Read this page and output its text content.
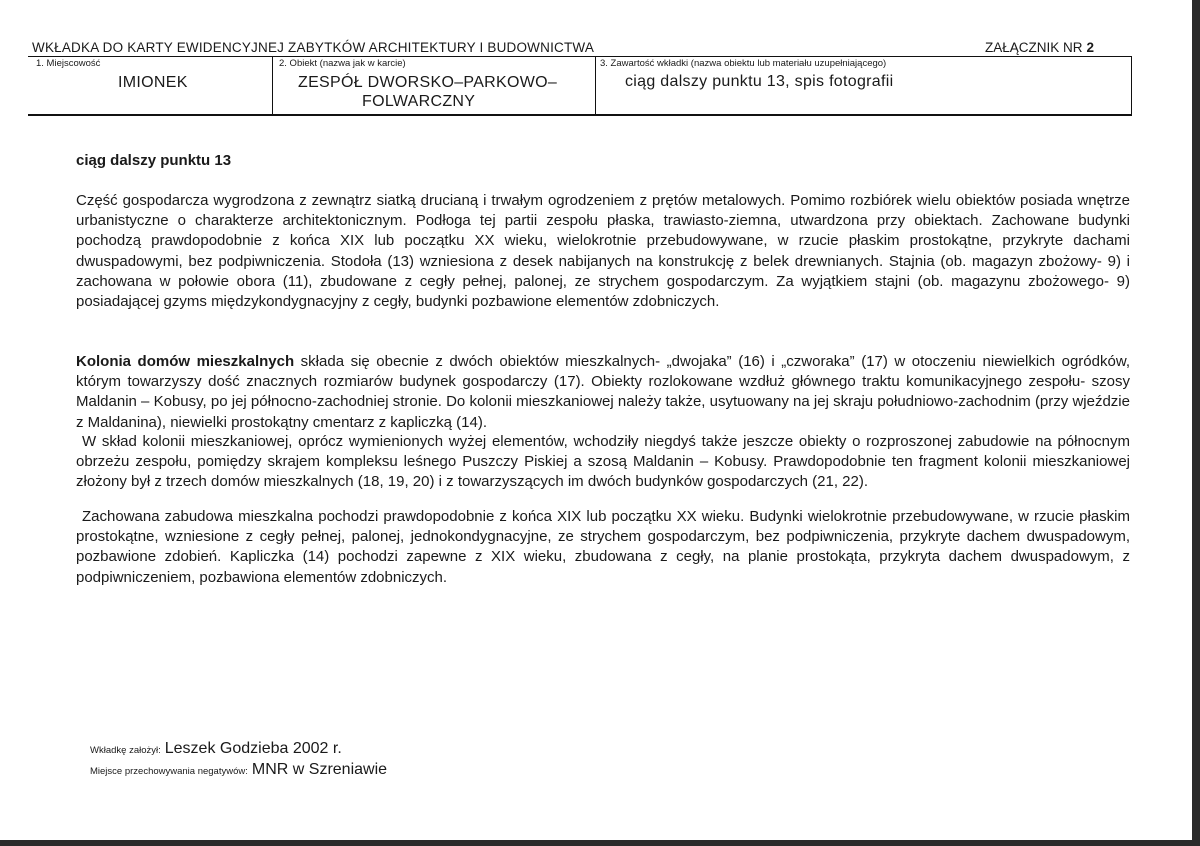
WKŁADKA DO KARTY EWIDENCYJNEJ ZABYTKÓW ARCHITEKTURY I BUDOWNICTWA	ZAŁĄCZNIK NR 2
1. Miejscowość
IMIONEK
2. Obiekt (nazwa jak w karcie)
ZESPÓŁ DWORSKO–PARKOWO–
FOLWARCZNY
3. Zawartość wkładki (nazwa obiektu lub materiału uzupełniającego)
ciąg dalszy punktu 13, spis fotografii
ciąg dalszy punktu 13

Część gospodarcza wygrodzona z zewnątrz siatką drucianą i trwałym ogrodzeniem z prętów metalowych. Pomimo rozbiórek wielu obiektów posiada wnętrze urbanistyczne o charakterze architektonicznym. Podłoga tej partii zespołu płaska, trawiasto-ziemna, utwardzona przy obiektach. Zachowane budynki pochodzą prawdopodobnie z końca XIX lub początku XX wieku, wielokrotnie przebudowywane, w rzucie płaskim prostokątne, przykryte dachami dwuspadowymi, bez podpiwniczenia. Stodoła (13) wzniesiona z desek nabijanych na konstrukcję z belek drewnianych. Stajnia (ob. magazyn zbożowy- 9) i zachowana w połowie obora (11), zbudowane z cegły pełnej, palonej, ze strychem gospodarczym. Za wyjątkiem stajni (ob. magazynu zbożowego- 9) posiadającej gzyms międzykondygnacyjny z cegły, budynki pozbawione elementów zdobniczych.

Kolonia domów mieszkalnych składa się obecnie z dwóch obiektów mieszkalnych- „dwojaka” (16) i „czworaka” (17) w otoczeniu niewielkich ogródków, którym towarzyszy dość znacznych rozmiarów budynek gospodarczy (17). Obiekty rozlokowane wzdłuż głównego traktu komunikacyjnego zespołu- szosy Maldanin – Kobusy, po jej północno-zachodniej stronie. Do kolonii mieszkaniowej należy także, usytuowany na jej skraju południowo-zachodnim (przy wjeździe z Maldanina), niewielki prostokątny cmentarz z kapliczką (14).

W skład kolonii mieszkaniowej, oprócz wymienionych wyżej elementów, wchodziły niegdyś także jeszcze obiekty o rozproszonej zabudowie na północnym obrzeżu zespołu, pomiędzy skrajem kompleksu leśnego Puszczy Piskiej a szosą Maldanin – Kobusy. Prawdopodobnie ten fragment kolonii mieszkaniowej złożony był z trzech domów mieszkalnych (18, 19, 20) i z towarzyszących im dwóch budynków gospodarczych (21, 22).

Zachowana zabudowa mieszkalna pochodzi prawdopodobnie z końca XIX lub początku XX wieku. Budynki wielokrotnie przebudowywane, w rzucie płaskim prostokątne, wzniesione z cegły pełnej, palonej, jednokondygnacyjne, ze strychem gospodarczym, bez podpiwniczenia, przykryte dachem dwuspadowym, pozbawione zdobień. Kapliczka (14) pochodzi zapewne z XIX wieku, zbudowana z cegły, na planie prostokąta, przykryta dachem dwuspadowym, z podpiwniczeniem, pozbawiona elementów zdobniczych.

Wkładkę założył: Leszek Godzieba 2002 r.
Miejsce przechowywania negatywów: MNR w Szreniawie
